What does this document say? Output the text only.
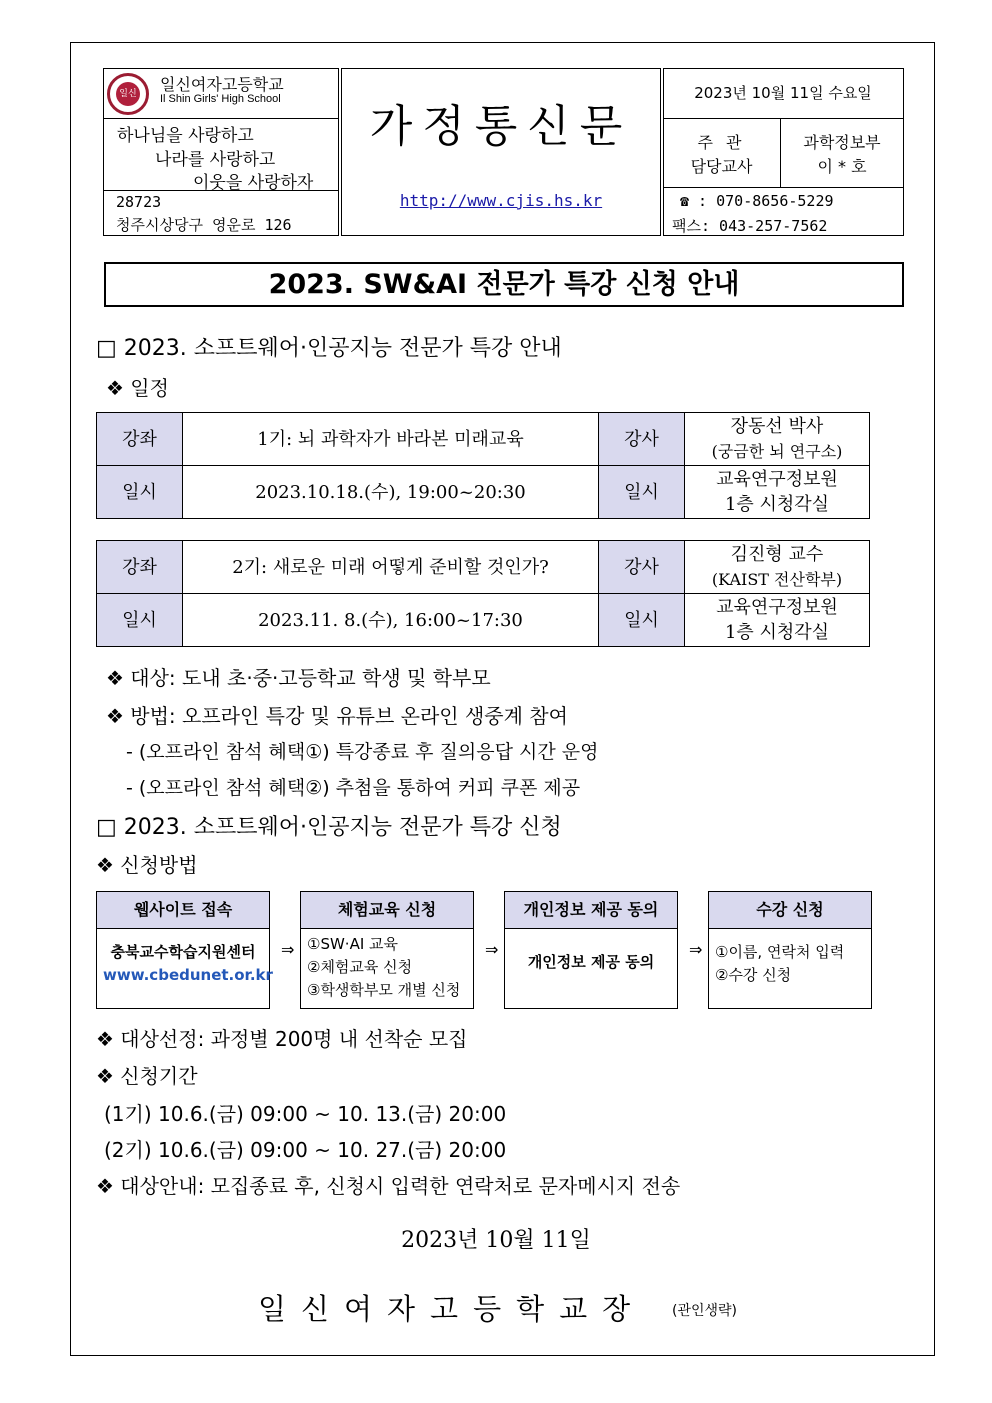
일신 일신여자고등학교
Il Shin Girls' High School
하나님을 사랑하고
나라를 사랑하고
이웃을 사랑하자
28723
청주시상당구 영운로 126
가정통신문
http://www.cjis.hs.kr
2023년 10월 11일 수요일
주 관
담당교사
과학정보부
이 * 호
☎ : 070-8656-5229
팩스: 043-257-7562
2023. SW&AI 전문가 특강 신청 안내
□ 2023. 소프트웨어·인공지능 전문가 특강 안내
❖ 일정
강좌	1기: 뇌 과학자가 바라본 미래교육	강사	장동선 박사
(궁금한 뇌 연구소)

일시	2023.10.18.(수), 19:00~20:30	일시	교육연구정보원
1층 시청각실
강좌	2기: 새로운 미래 어떻게 준비할 것인가?	강사	김진형 교수
(KAIST 전산학부)

일시	2023.11. 8.(수), 16:00~17:30	일시	교육연구정보원
1층 시청각실
❖ 대상: 도내 초·중·고등학교 학생 및 학부모
❖ 방법: 오프라인 특강 및 유튜브 온라인 생중계 참여
- (오프라인 참석 혜택①) 특강종료 후 질의응답 시간 운영
- (오프라인 참석 혜택②) 추첨을 통하여 커피 쿠폰 제공
□ 2023. 소프트웨어·인공지능 전문가 특강 신청
❖ 신청방법
웹사이트 접속
충북교수학습지원센터
www.cbedunet.or.kr
⇒
체험교육 신청
①SW·AI 교육
②체험교육 신청
③학생학부모 개별 신청
⇒
개인정보 제공 동의
개인정보 제공 동의
⇒
수강 신청
①이름, 연락처 입력
②수강 신청
❖ 대상선정: 과정별 200명 내 선착순 모집
❖ 신청기간
(1기) 10.6.(금) 09:00 ~ 10. 13.(금) 20:00
(2기) 10.6.(금) 09:00 ~ 10. 27.(금) 20:00
❖ 대상안내: 모집종료 후, 신청시 입력한 연락처로 문자메시지 전송
2023년 10월 11일
일신여자고등학교장 (관인생략)
